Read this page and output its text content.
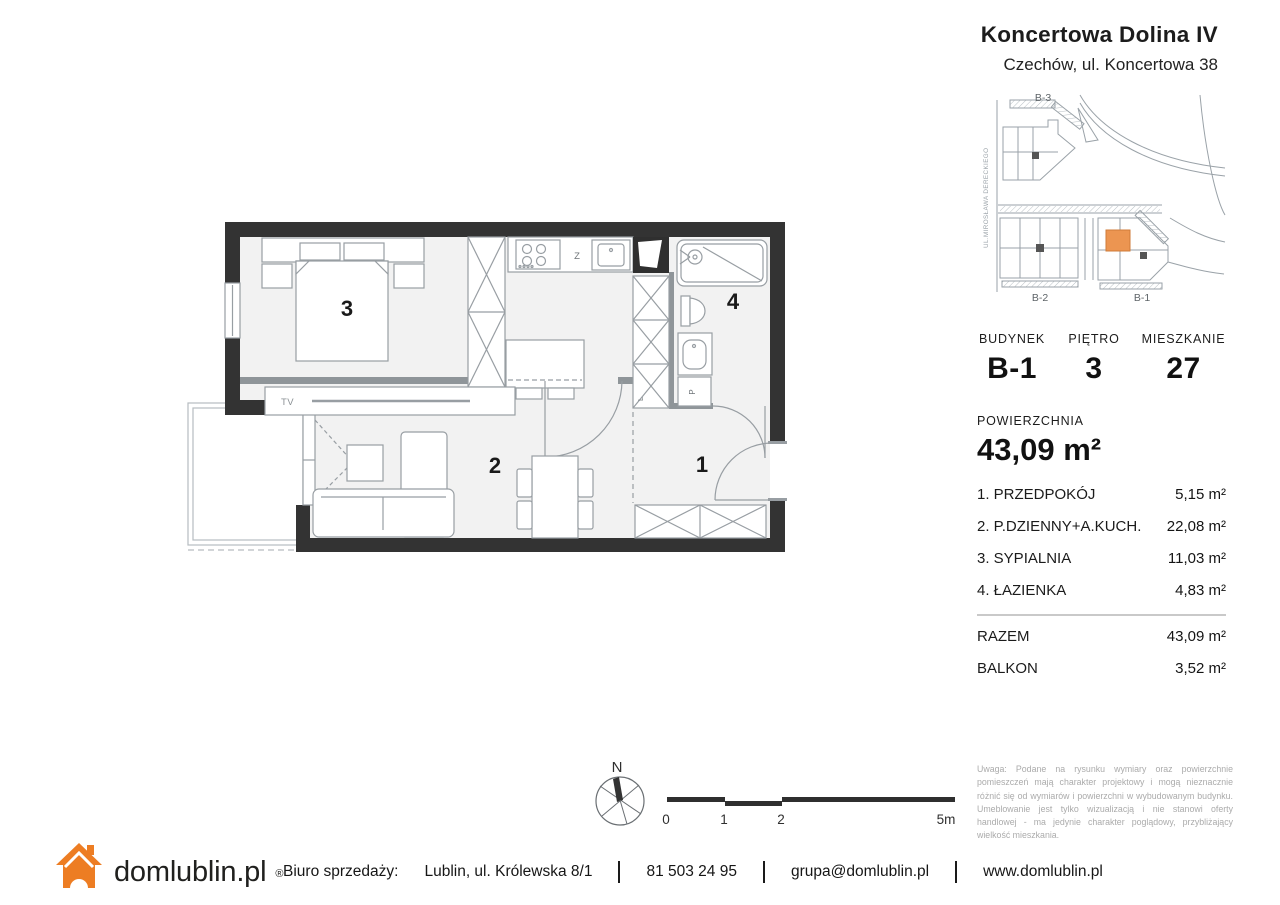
Koncertowa Dolina IV
Czechów, ul. Koncertowa 38
B-3
B-2	B-1
UL.MIROSŁAWA DERECKIEGO
BUDYNEK
B-1
PIĘTRO
3
MIESZKANIE
27
POWIERZCHNIA
43,09 m²
1. PRZEDPOKÓJ	5,15 m²
2. P.DZIENNY+A.KUCH. 22,08 m²
3. SYPIALNIA	11,03 m²
4. ŁAZIENKA	4,83 m²
RAZEM	43,09 m²
BALKON	3,52 m²
Z
L
P
TV
3
2	1
4
N
0	1	2	5m
Uwaga: Podane na rysunku wymiary oraz powierzchnie pomieszczeń mają charakter projektowy i mogą nieznacznie różnić się od wymiarów i powierzchni w wybudowanym budynku. Umeblowanie jest tylko wizualizacją i nie stanowi oferty handlowej - ma jedynie charakter poglądowy, przybliżający wielkość mieszkania.
domlublin.pl ® Biuro sprzedaży: Lublin, ul. Królewska 8/1	81 503 24 95	grupa@domlublin.pl	www.domlublin.pl
